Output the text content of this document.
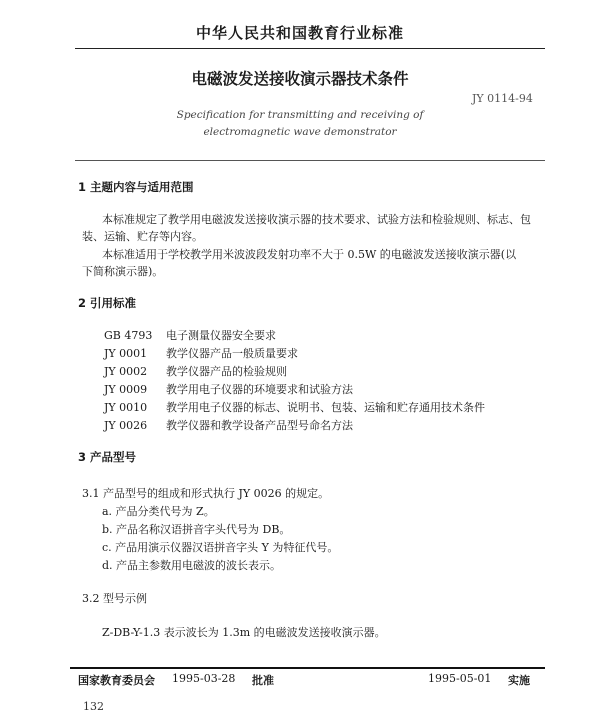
中华人民共和国教育行业标准
电磁波发送接收演示器技术条件
JY 0114-94
Specification for transmitting and receiving of
electromagnetic wave demonstrator
1 主题内容与适用范围
本标准规定了教学用电磁波发送接收演示器的技术要求、试验方法和检验规则、标志、包
装、运输、贮存等内容。
本标准适用于学校教学用米波波段发射功率不大于 0.5W 的电磁波发送接收演示器(以
下简称演示器)。
2 引用标准
GB 4793 电子测量仪器安全要求
JY 0001 教学仪器产品一般质量要求
JY 0002 教学仪器产品的检验规则
JY 0009 教学用电子仪器的环境要求和试验方法
JY 0010 教学用电子仪器的标志、说明书、包装、运输和贮存通用技术条件
JY 0026 教学仪器和教学设备产品型号命名方法
3 产品型号
3.1 产品型号的组成和形式执行 JY 0026 的规定。
a. 产品分类代号为 Z。
b. 产品名称汉语拼音字头代号为 DB。
c. 产品用演示仪器汉语拼音字头 Y 为特征代号。
d. 产品主参数用电磁波的波长表示。
3.2 型号示例
Z-DB-Y-1.3 表示波长为 1.3m 的电磁波发送接收演示器。
国家教育委员会 1995-03-28 批准	1995-05-01 实施
132
